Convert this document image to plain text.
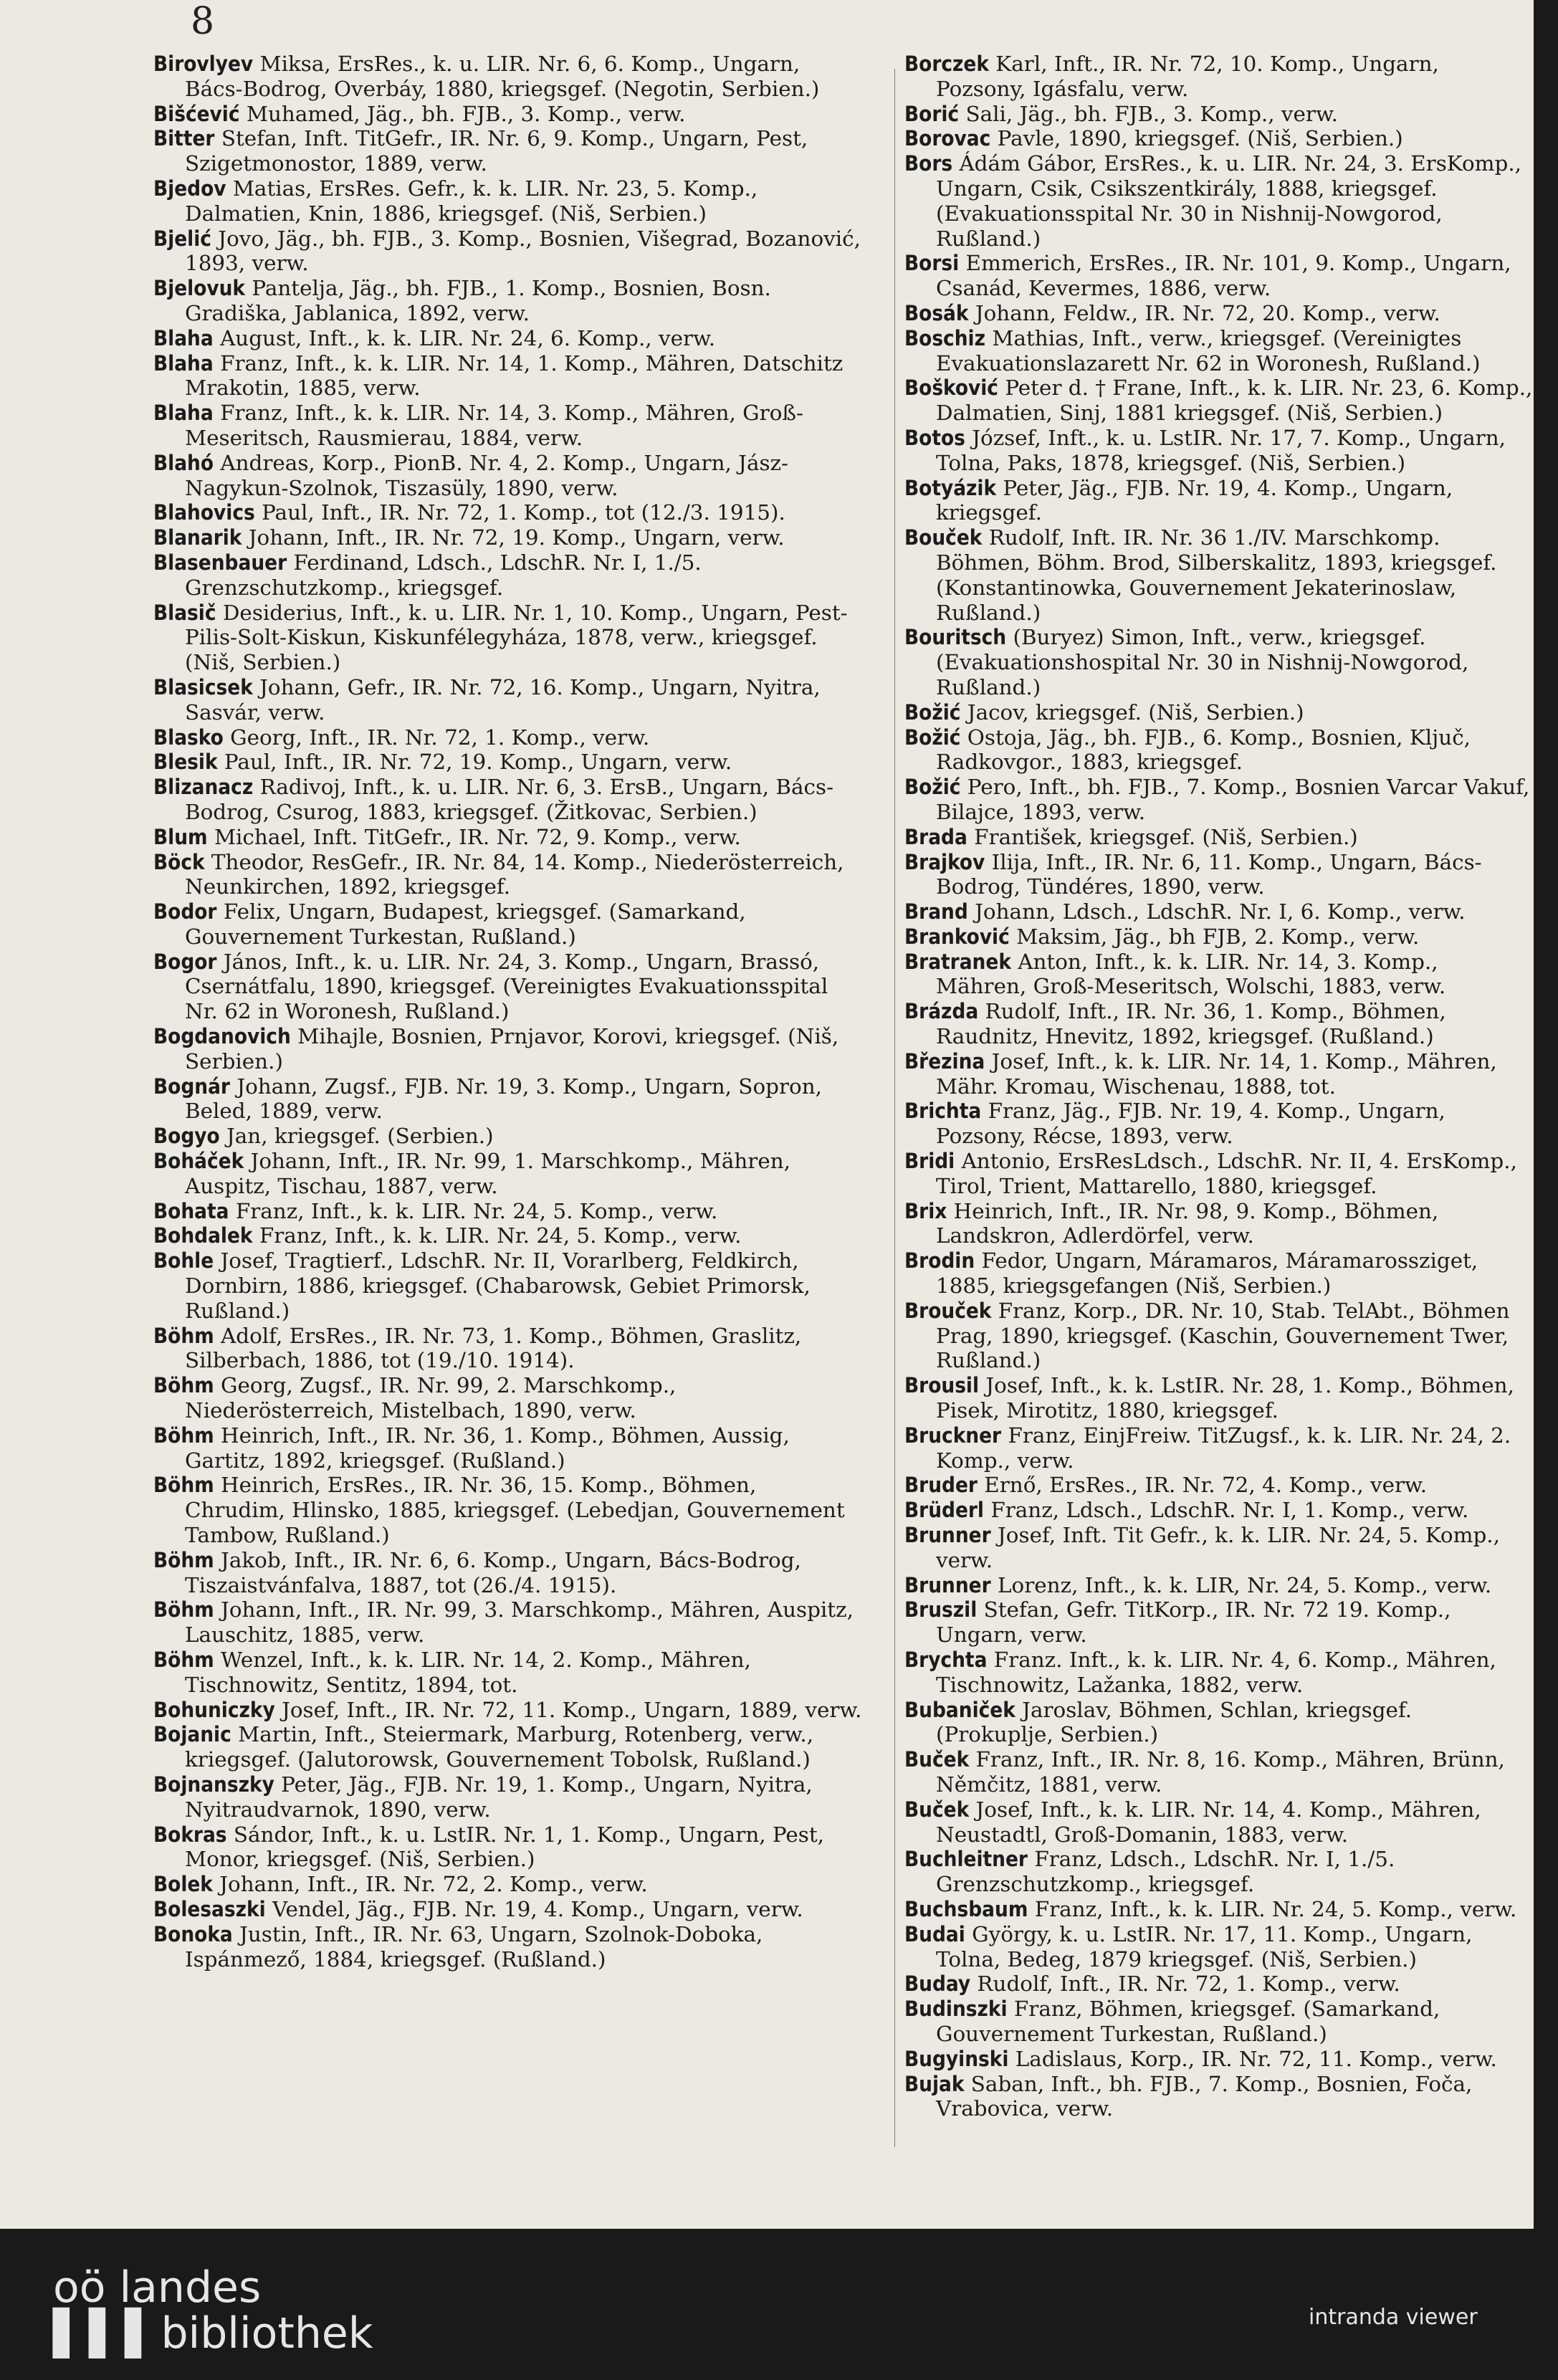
8
Birovlyev Miksa, ErsRes., k. u. LIR. Nr. 6, 6. Komp., Ungarn, Bács-Bodrog, Overbáy, 1880, kriegsgef. (Negotin, Serbien.)
Bišćević Muhamed, Jäg., bh. FJB., 3. Komp., verw.
Bitter Stefan, Inft. TitGefr., IR. Nr. 6, 9. Komp., Ungarn, Pest, Szigetmonostor, 1889, verw.
Bjedov Matias, ErsRes. Gefr., k. k. LIR. Nr. 23, 5. Komp., Dalmatien, Knin, 1886, kriegsgef. (Niš, Serbien.)
Bjelić Jovo, Jäg., bh. FJB., 3. Komp., Bosnien, Višegrad, Bozanović, 1893, verw.
Bjelovuk Pantelja, Jäg., bh. FJB., 1. Komp., Bosnien, Bosn. Gradiška, Jablanica, 1892, verw.
Blaha August, Inft., k. k. LIR. Nr. 24, 6. Komp., verw.
Blaha Franz, Inft., k. k. LIR. Nr. 14, 1. Komp., Mähren, Datschitz Mrakotin, 1885, verw.
Blaha Franz, Inft., k. k. LIR. Nr. 14, 3. Komp., Mähren, Groß-Meseritsch, Rausmierau, 1884, verw.
Blahó Andreas, Korp., PionB. Nr. 4, 2. Komp., Ungarn, Jász-Nagykun-Szolnok, Tiszasüly, 1890, verw.
Blahovics Paul, Inft., IR. Nr. 72, 1. Komp., tot (12./3. 1915).
Blanarik Johann, Inft., IR. Nr. 72, 19. Komp., Ungarn, verw.
Blasenbauer Ferdinand, Ldsch., LdschR. Nr. I, 1./5. Grenzschutzkomp., kriegsgef.
Blasič Desiderius, Inft., k. u. LIR. Nr. 1, 10. Komp., Ungarn, Pest-Pilis-Solt-Kiskun, Kiskunfélegyháza, 1878, verw., kriegsgef. (Niš, Serbien.)
Blasicsek Johann, Gefr., IR. Nr. 72, 16. Komp., Ungarn, Nyitra, Sasvár, verw.
Blasko Georg, Inft., IR. Nr. 72, 1. Komp., verw.
Blesik Paul, Inft., IR. Nr. 72, 19. Komp., Ungarn, verw.
Blizanacz Radivoj, Inft., k. u. LIR. Nr. 6, 3. ErsB., Ungarn, Bács-Bodrog, Csurog, 1883, kriegsgef. (Žitkovac, Serbien.)
Blum Michael, Inft. TitGefr., IR. Nr. 72, 9. Komp., verw.
Böck Theodor, ResGefr., IR. Nr. 84, 14. Komp., Niederösterreich, Neunkirchen, 1892, kriegsgef.
Bodor Felix, Ungarn, Budapest, kriegsgef. (Samarkand, Gouvernement Turkestan, Rußland.)
Bogor János, Inft., k. u. LIR. Nr. 24, 3. Komp., Ungarn, Brassó, Csernátfalu, 1890, kriegsgef. (Vereinigtes Evakuationsspital Nr. 62 in Woronesh, Rußland.)
Bogdanovich Mihajle, Bosnien, Prnjavor, Korovi, kriegsgef. (Niš, Serbien.)
Bognár Johann, Zugsf., FJB. Nr. 19, 3. Komp., Ungarn, Sopron, Beled, 1889, verw.
Bogyo Jan, kriegsgef. (Serbien.)
Boháček Johann, Inft., IR. Nr. 99, 1. Marschkomp., Mähren, Auspitz, Tischau, 1887, verw.
Bohata Franz, Inft., k. k. LIR. Nr. 24, 5. Komp., verw.
Bohdalek Franz, Inft., k. k. LIR. Nr. 24, 5. Komp., verw.
Bohle Josef, Tragtierf., LdschR. Nr. II, Vorarlberg, Feldkirch, Dornbirn, 1886, kriegsgef. (Chabarowsk, Gebiet Primorsk, Rußland.)
Böhm Adolf, ErsRes., IR. Nr. 73, 1. Komp., Böhmen, Graslitz, Silberbach, 1886, tot (19./10. 1914).
Böhm Georg, Zugsf., IR. Nr. 99, 2. Marschkomp., Niederösterreich, Mistelbach, 1890, verw.
Böhm Heinrich, Inft., IR. Nr. 36, 1. Komp., Böhmen, Aussig, Gartitz, 1892, kriegsgef. (Rußland.)
Böhm Heinrich, ErsRes., IR. Nr. 36, 15. Komp., Böhmen, Chrudim, Hlinsko, 1885, kriegsgef. (Lebedjan, Gouvernement Tambow, Rußland.)
Böhm Jakob, Inft., IR. Nr. 6, 6. Komp., Ungarn, Bács-Bodrog, Tiszaistvánfalva, 1887, tot (26./4. 1915).
Böhm Johann, Inft., IR. Nr. 99, 3. Marschkomp., Mähren, Auspitz, Lauschitz, 1885, verw.
Böhm Wenzel, Inft., k. k. LIR. Nr. 14, 2. Komp., Mähren, Tischnowitz, Sentitz, 1894, tot.
Bohuniczky Josef, Inft., IR. Nr. 72, 11. Komp., Ungarn, 1889, verw.
Bojanic Martin, Inft., Steiermark, Marburg, Rotenberg, verw., kriegsgef. (Jalutorowsk, Gouvernement Tobolsk, Rußland.)
Bojnanszky Peter, Jäg., FJB. Nr. 19, 1. Komp., Ungarn, Nyitra, Nyitraudvarnok, 1890, verw.
Bokras Sándor, Inft., k. u. LstIR. Nr. 1, 1. Komp., Ungarn, Pest, Monor, kriegsgef. (Niš, Serbien.)
Bolek Johann, Inft., IR. Nr. 72, 2. Komp., verw.
Bolesaszki Vendel, Jäg., FJB. Nr. 19, 4. Komp., Ungarn, verw.
Bonoka Justin, Inft., IR. Nr. 63, Ungarn, Szolnok-Doboka, Ispánmező, 1884, kriegsgef. (Rußland.)
Borczek Karl, Inft., IR. Nr. 72, 10. Komp., Ungarn, Pozsony, Igásfalu, verw.
Borić Sali, Jäg., bh. FJB., 3. Komp., verw.
Borovac Pavle, 1890, kriegsgef. (Niš, Serbien.)
Bors Ádám Gábor, ErsRes., k. u. LIR. Nr. 24, 3. ErsKomp., Ungarn, Csik, Csikszentkirály, 1888, kriegsgef. (Evakuationsspital Nr. 30 in Nishnij-Nowgorod, Rußland.)
Borsi Emmerich, ErsRes., IR. Nr. 101, 9. Komp., Ungarn, Csanád, Kevermes, 1886, verw.
Bosák Johann, Feldw., IR. Nr. 72, 20. Komp., verw.
Boschiz Mathias, Inft., verw., kriegsgef. (Vereinigtes Evakuationslazarett Nr. 62 in Woronesh, Rußland.)
Bošković Peter d. † Frane, Inft., k. k. LIR. Nr. 23, 6. Komp., Dalmatien, Sinj, 1881 kriegsgef. (Niš, Serbien.)
Botos József, Inft., k. u. LstIR. Nr. 17, 7. Komp., Ungarn, Tolna, Paks, 1878, kriegsgef. (Niš, Serbien.)
Botyázik Peter, Jäg., FJB. Nr. 19, 4. Komp., Ungarn, kriegsgef.
Bouček Rudolf, Inft. IR. Nr. 36 1./IV. Marschkomp. Böhmen, Böhm. Brod, Silberskalitz, 1893, kriegsgef. (Konstantinowka, Gouvernement Jekaterinoslaw, Rußland.)
Bouritsch (Buryez) Simon, Inft., verw., kriegsgef. (Evakuationshospital Nr. 30 in Nishnij-Nowgorod, Rußland.)
Božić Jacov, kriegsgef. (Niš, Serbien.)
Božić Ostoja, Jäg., bh. FJB., 6. Komp., Bosnien, Ključ, Radkovgor., 1883, kriegsgef.
Božić Pero, Inft., bh. FJB., 7. Komp., Bosnien Varcar Vakuf, Bilajce, 1893, verw.
Brada František, kriegsgef. (Niš, Serbien.)
Brajkov Ilija, Inft., IR. Nr. 6, 11. Komp., Ungarn, Bács-Bodrog, Tündéres, 1890, verw.
Brand Johann, Ldsch., LdschR. Nr. I, 6. Komp., verw.
Branković Maksim, Jäg., bh FJB, 2. Komp., verw.
Bratranek Anton, Inft., k. k. LIR. Nr. 14, 3. Komp., Mähren, Groß-Meseritsch, Wolschi, 1883, verw.
Brázda Rudolf, Inft., IR. Nr. 36, 1. Komp., Böhmen, Raudnitz, Hnevitz, 1892, kriegsgef. (Rußland.)
Březina Josef, Inft., k. k. LIR. Nr. 14, 1. Komp., Mähren, Mähr. Kromau, Wischenau, 1888, tot.
Brichta Franz, Jäg., FJB. Nr. 19, 4. Komp., Ungarn, Pozsony, Récse, 1893, verw.
Bridi Antonio, ErsResLdsch., LdschR. Nr. II, 4. ErsKomp., Tirol, Trient, Mattarello, 1880, kriegsgef.
Brix Heinrich, Inft., IR. Nr. 98, 9. Komp., Böhmen, Landskron, Adlerdörfel, verw.
Brodin Fedor, Ungarn, Máramaros, Máramarossziget, 1885, kriegsgefangen (Niš, Serbien.)
Brouček Franz, Korp., DR. Nr. 10, Stab. TelAbt., Böhmen Prag, 1890, kriegsgef. (Kaschin, Gouvernement Twer, Rußland.)
Brousil Josef, Inft., k. k. LstIR. Nr. 28, 1. Komp., Böhmen, Pisek, Mirotitz, 1880, kriegsgef.
Bruckner Franz, EinjFreiw. TitZugsf., k. k. LIR. Nr. 24, 2. Komp., verw.
Bruder Ernő, ErsRes., IR. Nr. 72, 4. Komp., verw.
Brüderl Franz, Ldsch., LdschR. Nr. I, 1. Komp., verw.
Brunner Josef, Inft. Tit Gefr., k. k. LIR. Nr. 24, 5. Komp., verw.
Brunner Lorenz, Inft., k. k. LIR, Nr. 24, 5. Komp., verw.
Bruszil Stefan, Gefr. TitKorp., IR. Nr. 72 19. Komp., Ungarn, verw.
Brychta Franz. Inft., k. k. LIR. Nr. 4, 6. Komp., Mähren, Tischnowitz, Lažanka, 1882, verw.
Bubaniček Jaroslav, Böhmen, Schlan, kriegsgef. (Prokuplje, Serbien.)
Buček Franz, Inft., IR. Nr. 8, 16. Komp., Mähren, Brünn, Němčitz, 1881, verw.
Buček Josef, Inft., k. k. LIR. Nr. 14, 4. Komp., Mähren, Neustadtl, Groß-Domanin, 1883, verw.
Buchleitner Franz, Ldsch., LdschR. Nr. I, 1./5. Grenzschutzkomp., kriegsgef.
Buchsbaum Franz, Inft., k. k. LIR. Nr. 24, 5. Komp., verw.
Budai György, k. u. LstIR. Nr. 17, 11. Komp., Ungarn, Tolna, Bedeg, 1879 kriegsgef. (Niš, Serbien.)
Buday Rudolf, Inft., IR. Nr. 72, 1. Komp., verw.
Budinszki Franz, Böhmen, kriegsgef. (Samarkand, Gouvernement Turkestan, Rußland.)
Bugyinski Ladislaus, Korp., IR. Nr. 72, 11. Komp., verw.
Bujak Saban, Inft., bh. FJB., 7. Komp., Bosnien, Foča, Vrabovica, verw.
oö landes
▌▌▌bibliothek	intranda viewer
